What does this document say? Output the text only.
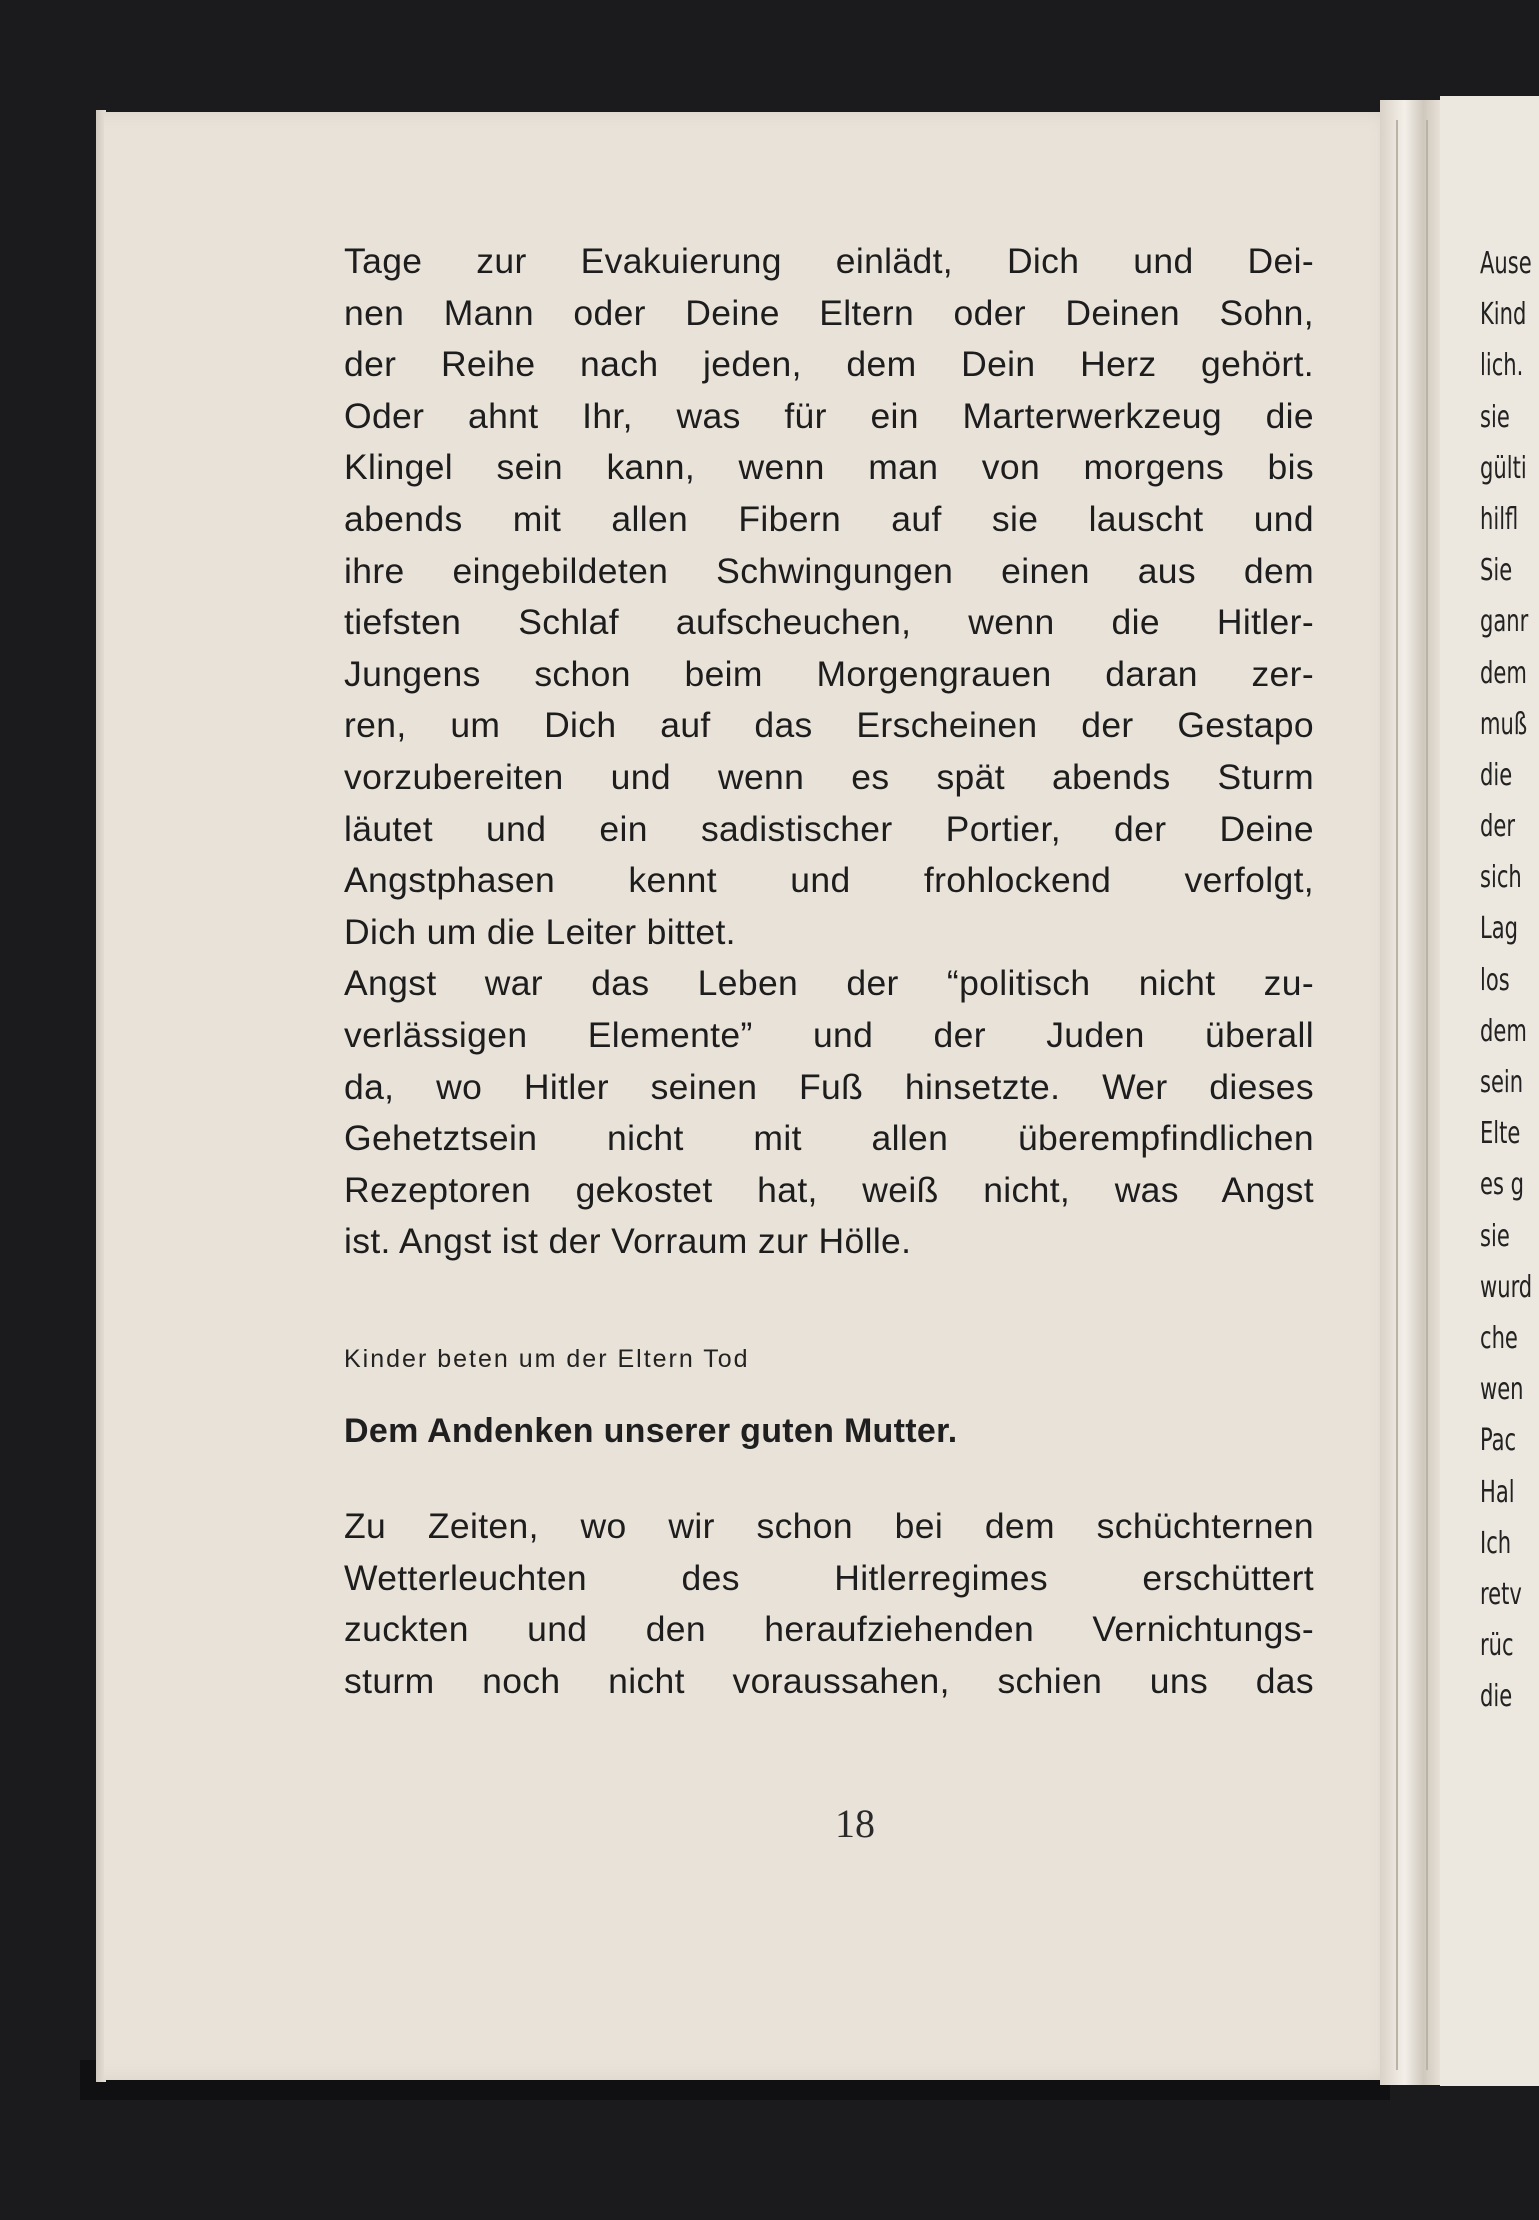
Tage zur Evakuierung einlädt, Dich und Dei-
nen Mann oder Deine Eltern oder Deinen Sohn,
der Reihe nach jeden, dem Dein Herz gehört.
Oder ahnt Ihr, was für ein Marterwerkzeug die
Klingel sein kann, wenn man von morgens bis
abends mit allen Fibern auf sie lauscht und
ihre eingebildeten Schwingungen einen aus dem
tiefsten Schlaf aufscheuchen, wenn die Hitler-
Jungens schon beim Morgengrauen daran zer-
ren, um Dich auf das Erscheinen der Gestapo
vorzubereiten und wenn es spät abends Sturm
läutet und ein sadistischer Portier, der Deine
Angstphasen kennt und frohlockend verfolgt,
Dich um die Leiter bittet.
Angst war das Leben der “politisch nicht zu-
verlässigen Elemente” und der Juden überall
da, wo Hitler seinen Fuß hinsetzte. Wer dieses
Gehetztsein nicht mit allen überempfindlichen
Rezeptoren gekostet hat, weiß nicht, was Angst
ist. Angst ist der Vorraum zur Hölle.
Kinder beten um der Eltern Tod
Dem Andenken unserer guten Mutter.
Zu Zeiten, wo wir schon bei dem schüchternen
Wetterleuchten des Hitlerregimes erschüttert
zuckten und den heraufziehenden Vernichtungs-
sturm noch nicht voraussahen, schien uns das
18
Ause
Kind
lich.
sie
gülti
hilfl
Sie
ganr
dem
muß
die
der
sich
Lag
los
dem
sein
Elte
es g
sie
wurd
che
wen
Pac
Hal
Ich
retv
rüc
die
